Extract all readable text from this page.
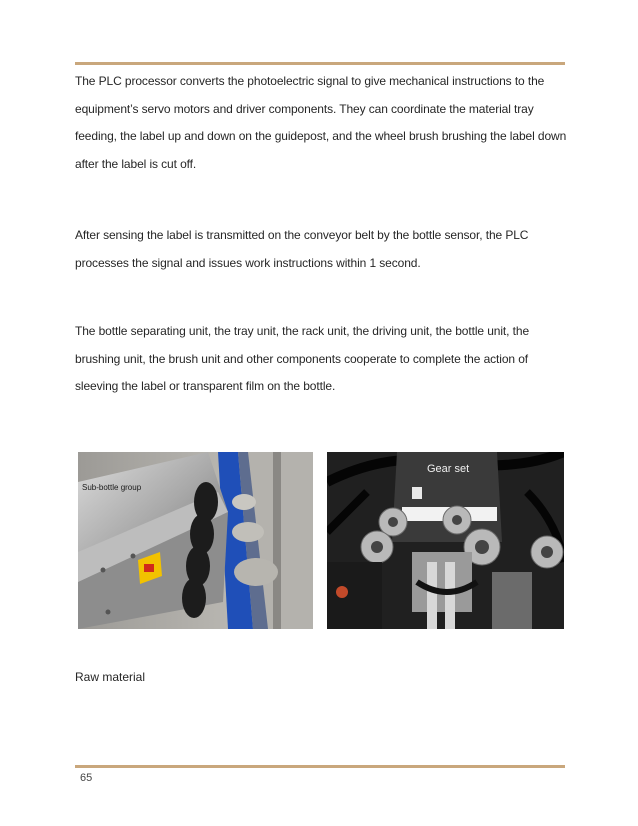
The PLC processor converts the photoelectric signal to give mechanical instructions to the equipment’s servo motors and driver components. They can coordinate the material tray feeding, the label up and down on the guidepost, and the wheel brush brushing the label down after the label is cut off.

After sensing the label is transmitted on the conveyor belt by the bottle sensor, the PLC processes the signal and issues work instructions within 1 second.

The bottle separating unit, the tray unit, the rack unit, the driving unit, the bottle unit, the brushing unit, the brush unit and other components cooperate to complete the action of sleeving the label or transparent film on the bottle.

Sub-bottle group
Gear set

Raw material

65
